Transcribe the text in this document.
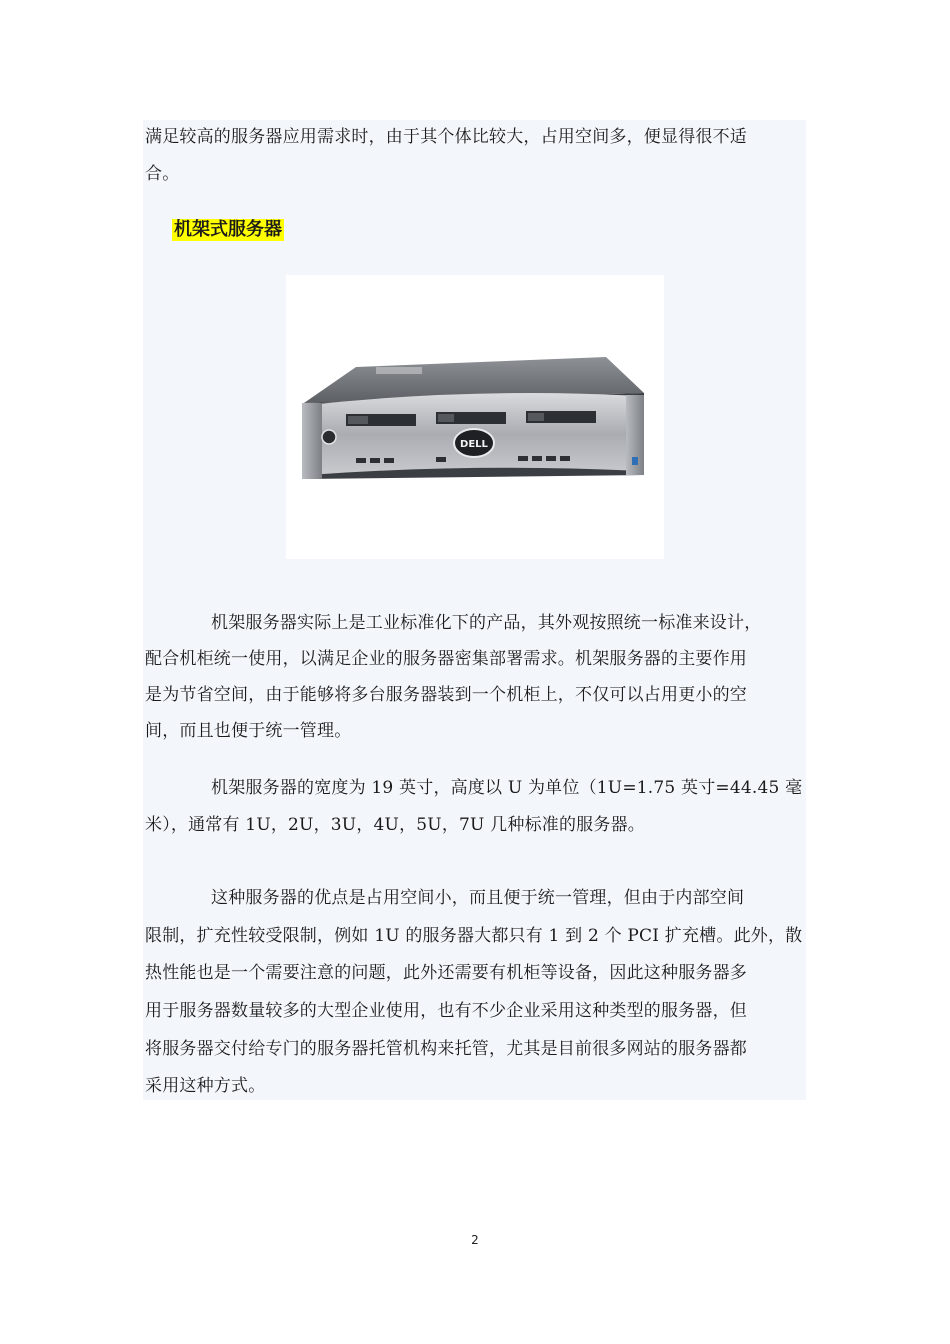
满足较高的服务器应用需求时，由于其个体比较大，占用空间多，便显得很不适
合。
机架式服务器
DELL
机架服务器实际上是工业标准化下的产品，其外观按照统一标准来设计，
配合机柜统一使用，以满足企业的服务器密集部署需求。机架服务器的主要作用
是为节省空间，由于能够将多台服务器装到一个机柜上，不仅可以占用更小的空
间，而且也便于统一管理。
机架服务器的宽度为 19 英寸，高度以 U 为单位（1U=1.75 英寸=44.45 毫
米），通常有 1U，2U，3U，4U，5U，7U 几种标准的服务器。
这种服务器的优点是占用空间小，而且便于统一管理，但由于内部空间
限制，扩充性较受限制，例如 1U 的服务器大都只有 1 到 2 个 PCI 扩充槽。此外，散
热性能也是一个需要注意的问题，此外还需要有机柜等设备，因此这种服务器多
用于服务器数量较多的大型企业使用，也有不少企业采用这种类型的服务器，但
将服务器交付给专门的服务器托管机构来托管，尤其是目前很多网站的服务器都
采用这种方式。
2
